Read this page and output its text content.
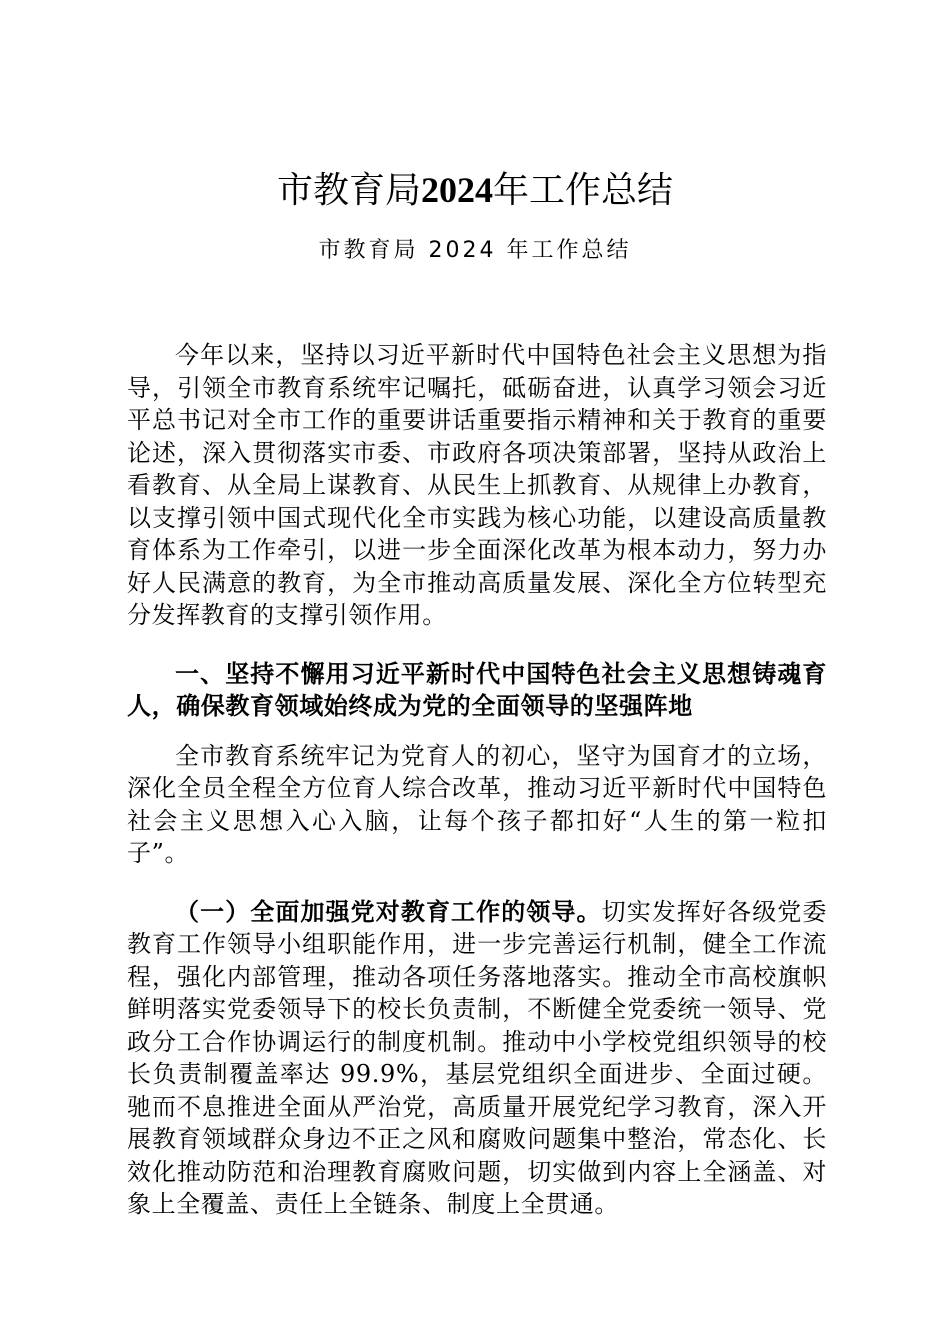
市教育局2024年工作总结
市教育局 2024 年工作总结

今年以来，坚持以习近平新时代中国特色社会主义思想为指导，引领全市教育系统牢记嘱托，砥砺奋进，认真学习领会习近平总书记对全市工作的重要讲话重要指示精神和关于教育的重要论述，深入贯彻落实市委、市政府各项决策部署，坚持从政治上看教育、从全局上谋教育、从民生上抓教育、从规律上办教育，以支撑引领中国式现代化全市实践为核心功能，以建设高质量教育体系为工作牵引，以进一步全面深化改革为根本动力，努力办好人民满意的教育，为全市推动高质量发展、深化全方位转型充分发挥教育的支撑引领作用。

一、坚持不懈用习近平新时代中国特色社会主义思想铸魂育人，确保教育领域始终成为党的全面领导的坚强阵地

全市教育系统牢记为党育人的初心，坚守为国育才的立场，深化全员全程全方位育人综合改革，推动习近平新时代中国特色社会主义思想入心入脑，让每个孩子都扣好“人生的第一粒扣子”。

（一）全面加强党对教育工作的领导。切实发挥好各级党委教育工作领导小组职能作用，进一步完善运行机制，健全工作流程，强化内部管理，推动各项任务落地落实。推动全市高校旗帜鲜明落实党委领导下的校长负责制，不断健全党委统一领导、党政分工合作协调运行的制度机制。推动中小学校党组织领导的校长负责制覆盖率达 99.9%，基层党组织全面进步、全面过硬。驰而不息推进全面从严治党，高质量开展党纪学习教育，深入开展教育领域群众身边不正之风和腐败问题集中整治，常态化、长效化推动防范和治理教育腐败问题，切实做到内容上全涵盖、对象上全覆盖、责任上全链条、制度上全贯通。
